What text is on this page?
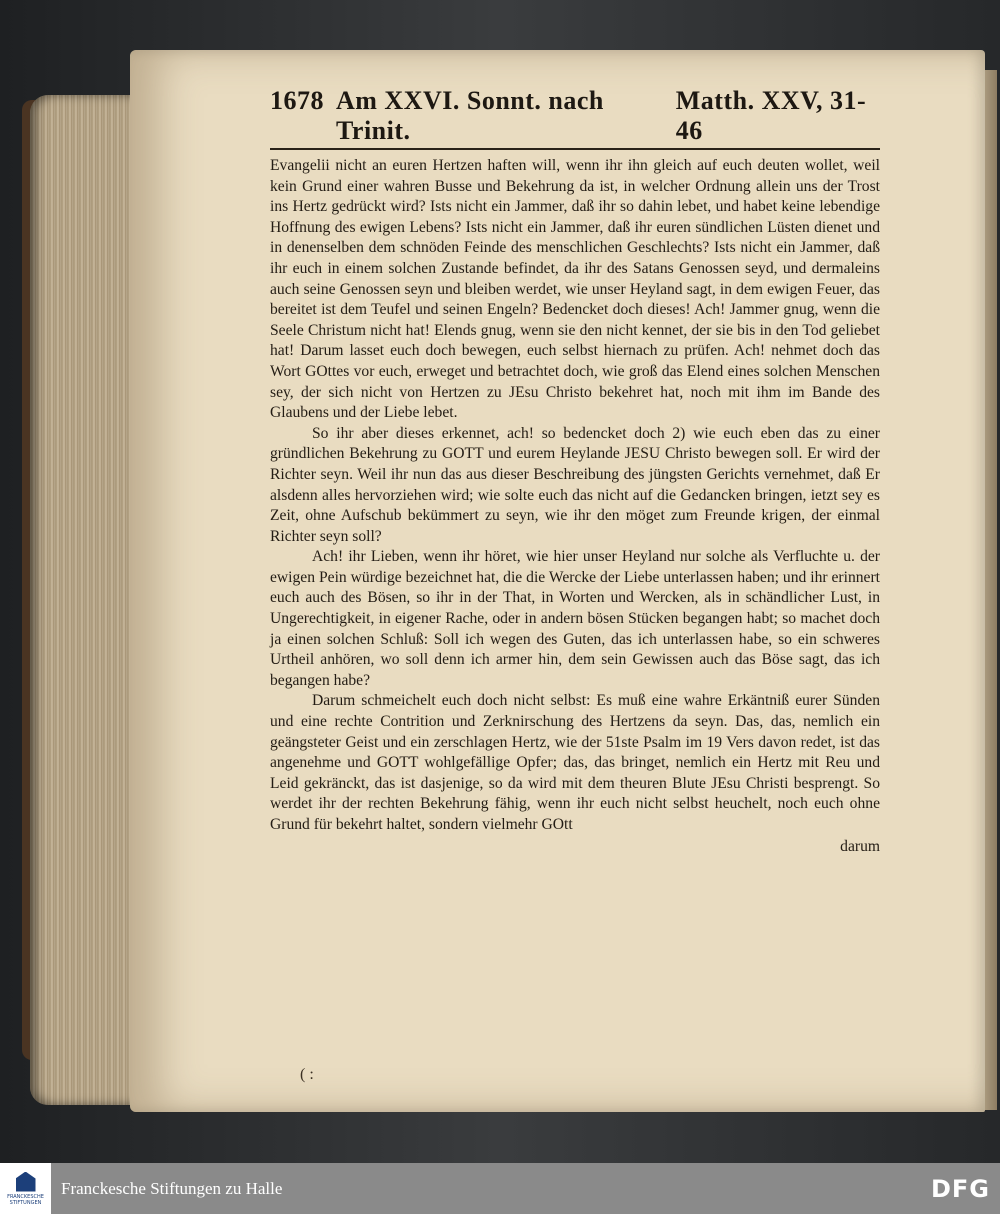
1678 Am XXVI. Sonnt. nach Trinit.
Matth. XXV, 31-46

Evangelii nicht an euren Hertzen haften will, wenn ihr ihn gleich auf euch deuten wollet, weil kein Grund einer wahren Busse und Bekehrung da ist, in welcher Ordnung allein uns der Trost ins Hertz gedrückt wird? Ists nicht ein Jammer, daß ihr so dahin lebet, und habet keine lebendige Hoffnung des ewigen Lebens? Ists nicht ein Jammer, daß ihr euren sündlichen Lüsten dienet und in denenselben dem schnöden Feinde des menschlichen Geschlechts? Ists nicht ein Jammer, daß ihr euch in einem solchen Zustande befindet, da ihr des Satans Genossen seyd, und dermaleins auch seine Genossen seyn und bleiben werdet, wie unser Heyland sagt, in dem ewigen Feuer, das bereitet ist dem Teufel und seinen Engeln? Bedencket doch dieses! Ach! Jammer gnug, wenn die Seele Christum nicht hat! Elends gnug, wenn sie den nicht kennet, der sie bis in den Tod geliebet hat! Darum lasset euch doch bewegen, euch selbst hiernach zu prüfen. Ach! nehmet doch das Wort GOttes vor euch, erweget und betrachtet doch, wie groß das Elend eines solchen Menschen sey, der sich nicht von Hertzen zu JEsu Christo bekehret hat, noch mit ihm im Bande des Glaubens und der Liebe lebet.

So ihr aber dieses erkennet, ach! so bedencket doch 2) wie euch eben das zu einer gründlichen Bekehrung zu GOTT und eurem Heylande JESU Christo bewegen soll. Er wird der Richter seyn. Weil ihr nun das aus dieser Beschreibung des jüngsten Gerichts vernehmet, daß Er alsdenn alles hervorziehen wird; wie solte euch das nicht auf die Gedancken bringen, ietzt sey es Zeit, ohne Aufschub bekümmert zu seyn, wie ihr den möget zum Freunde krigen, der einmal Richter seyn soll?

Ach! ihr Lieben, wenn ihr höret, wie hier unser Heyland nur solche als Verfluchte u. der ewigen Pein würdige bezeichnet hat, die die Wercke der Liebe unterlassen haben; und ihr erinnert euch auch des Bösen, so ihr in der That, in Worten und Wercken, als in schändlicher Lust, in Ungerechtigkeit, in eigener Rache, oder in andern bösen Stücken begangen habt; so machet doch ja einen solchen Schluß: Soll ich wegen des Guten, das ich unterlassen habe, so ein schweres Urtheil anhören, wo soll denn ich armer hin, dem sein Gewissen auch das Böse sagt, das ich begangen habe?

Darum schmeichelt euch doch nicht selbst: Es muß eine wahre Erkäntniß eurer Sünden und eine rechte Contrition und Zerknirschung des Hertzens da seyn. Das, das, nemlich ein geängsteter Geist und ein zerschlagen Hertz, wie der 51ste Psalm im 19 Vers davon redet, ist das angenehme und GOTT wohlgefällige Opfer; das, das bringet, nemlich ein Hertz mit Reu und Leid gekränckt, das ist dasjenige, so da wird mit dem theuren Blute JEsu Christi besprengt. So werdet ihr der rechten Bekehrung fähig, wenn ihr euch nicht selbst heuchelt, noch euch ohne Grund für bekehrt haltet, sondern vielmehr GOtt

darum
( :
FRANCKESCHE STIFTUNGEN
Franckesche Stiftungen zu Halle	DFG
